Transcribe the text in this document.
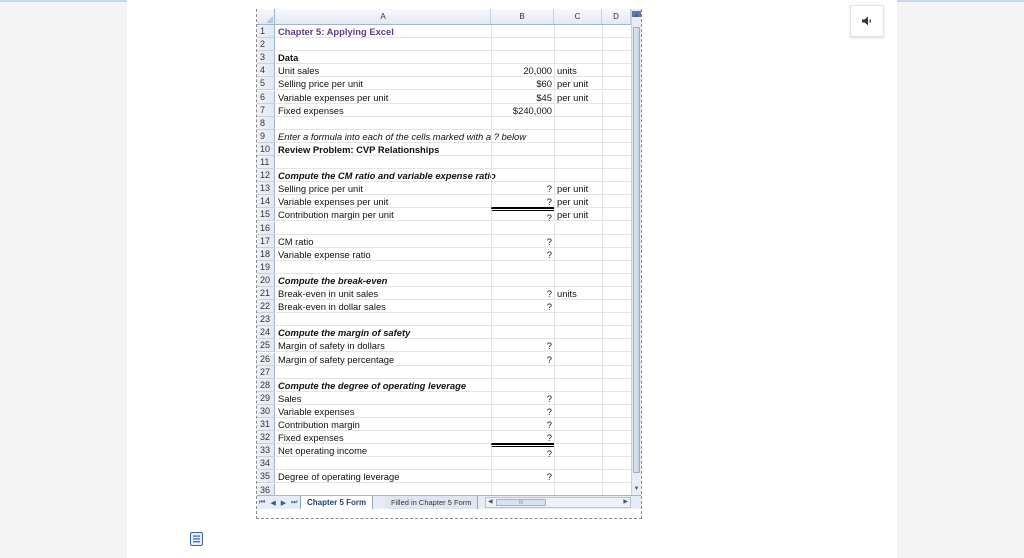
A	B	C	D
1	Chapter 5: Applying Excel
2
3	Data
4	Unit sales	20,000 units
5	Selling price per unit	$60 per unit
6	Variable expenses per unit	$45 per unit
7	Fixed expenses	$240,000
8
9	Enter a formula into each of the cells marked with a ? below
10 Review Problem: CVP Relationships
11
12 Compute the CM ratio and variable expense ratio
13 Selling price per unit	? per unit
14 Variable expenses per unit	? per unit
15 Contribution margin per unit	? per unit
16
17 CM ratio	?
18 Variable expense ratio	?
19
20 Compute the break-even
21 Break-even in unit sales	? units
22 Break-even in dollar sales	?
23
24 Compute the margin of safety
25 Margin of safety in dollars	?
26 Margin of safety percentage	?
27
28 Compute the degree of operating leverage
29 Sales	?
30 Variable expenses	?
31 Contribution margin	?
32 Fixed expenses	?
33 Net operating income	?
34
35 Degree of operating leverage	?
36
▲
▼
⏮ ◀ ▶ ⏭	Chapter 5 Form	Filled in Chapter 5 Form	◀	III	▶
